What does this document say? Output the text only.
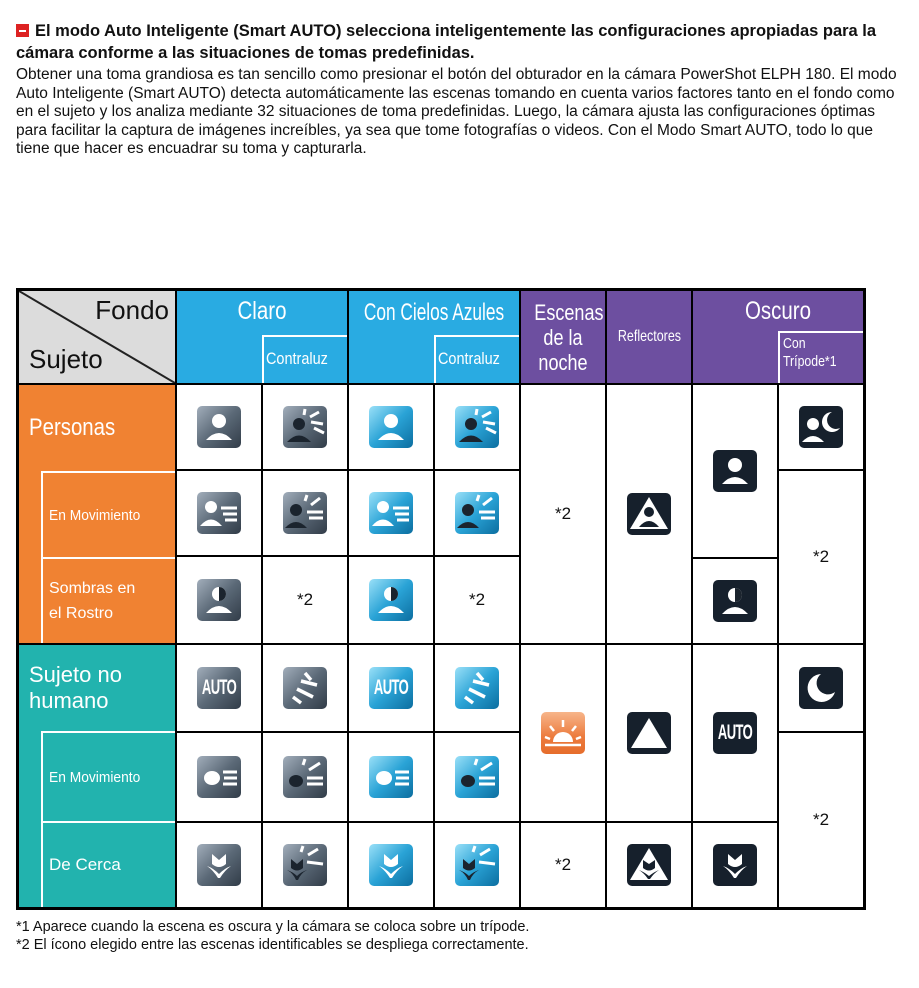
El modo Auto Inteligente (Smart AUTO) selecciona inteligentemente las configuraciones apropiadas para la cámara conforme a las situaciones de tomas predefinidas.
Obtener una toma grandiosa es tan sencillo como presionar el botón del obturador en la cámara PowerShot ELPH 180. El modo Auto Inteligente (Smart AUTO) detecta automáticamente las escenas tomando en cuenta varios factores tanto en el fondo como en el sujeto y los analiza mediante 32 situaciones de toma predefinidas. Luego, la cámara ajusta las configuraciones óptimas para facilitar la captura de imágenes increíbles, ya sea que tome fotografías o videos. Con el Modo Smart AUTO, todo lo que tiene que hacer es encuadrar su toma y capturarla.
Fondo
Sujeto
Claro
Contraluz
Con Cielos Azules
Contraluz
Escenas de la noche
Reflectores
Oscuro
Con Trípode*1
Personas
En Movimiento
Sombras en el Rostro
Sujeto no humano
En Movimiento
De Cerca
*2	*2
*2
*2
AUTO	AUTO
*2
AUTO
*2
*1 Aparece cuando la escena es oscura y la cámara se coloca sobre un trípode.
*2 El ícono elegido entre las escenas identificables se despliega correctamente.
